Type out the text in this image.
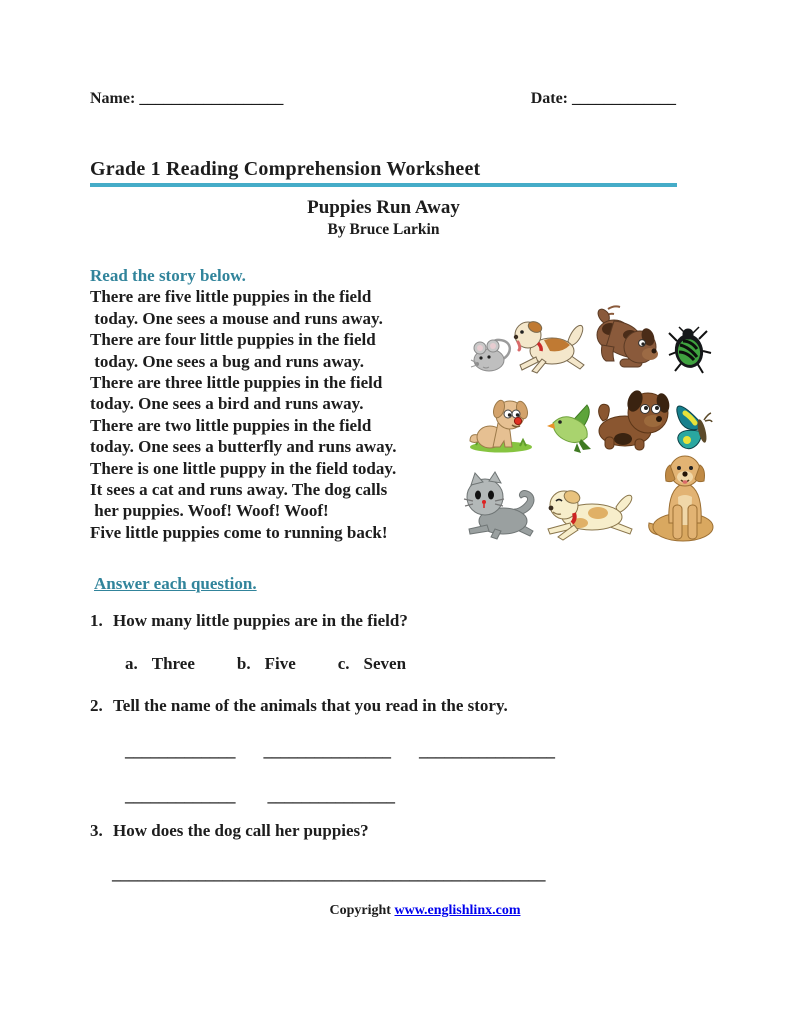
Name: __________________	Date: _____________
Grade 1 Reading Comprehension Worksheet
Puppies Run Away
By Bruce Larkin
Read the story below.
There are five little puppies in the field
today. One sees a mouse and runs away.
There are four little puppies in the field
today. One sees a bug and runs away.
There are three little puppies in the field
today. One sees a bird and runs away.
There are two little puppies in the field
today. One sees a butterfly and runs away.
There is one little puppy in the field today.
It sees a cat and runs away. The dog calls
her puppies. Woof! Woof! Woof!
Five little puppies come to running back!
Answer each question.
1. How many little puppies are in the field?
a. Three b. Five c. Seven
2. Tell the name of the animals that you read in the story.
_____________ _______________ ________________
_____________ _______________
3. How does the dog call her puppies?
___________________________________________________
Copyright www.englishlinx.com
